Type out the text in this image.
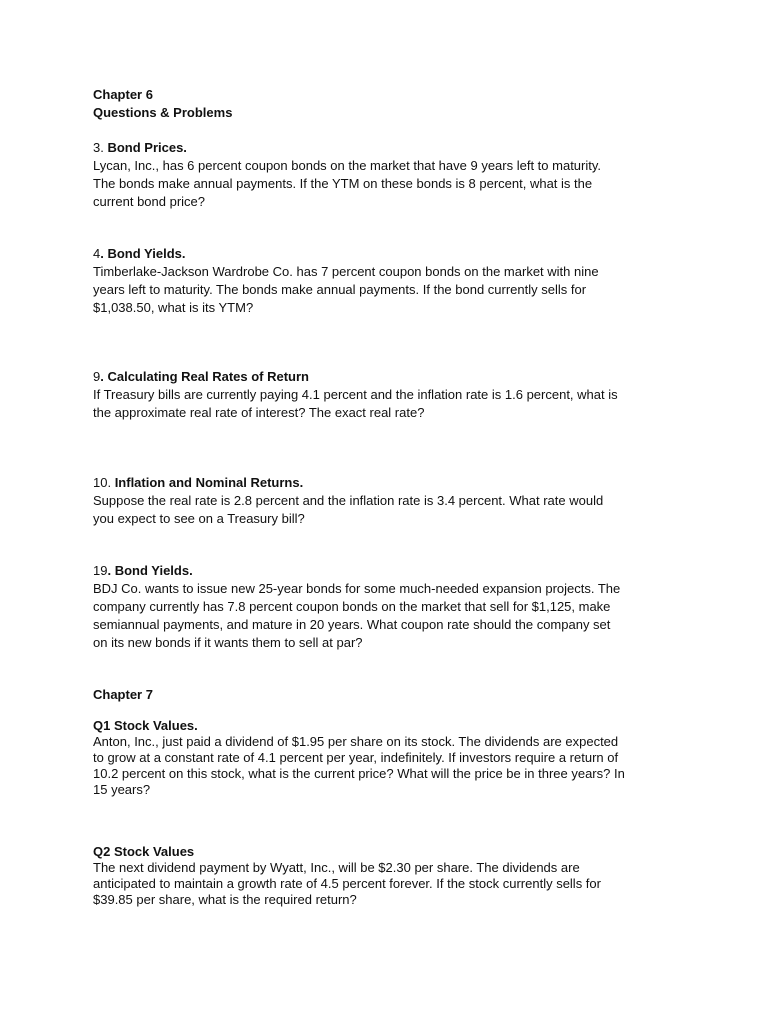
Chapter 6
Questions & Problems
3. Bond Prices.
Lycan, Inc., has 6 percent coupon bonds on the market that have 9 years left to maturity.
The bonds make annual payments. If the YTM on these bonds is 8 percent, what is the
current bond price?
4. Bond Yields.
Timberlake-Jackson Wardrobe Co. has 7 percent coupon bonds on the market with nine
years left to maturity. The bonds make annual payments. If the bond currently sells for
$1,038.50, what is its YTM?
9. Calculating Real Rates of Return
If Treasury bills are currently paying 4.1 percent and the inflation rate is 1.6 percent, what is
the approximate real rate of interest? The exact real rate?
10. Inflation and Nominal Returns.
Suppose the real rate is 2.8 percent and the inflation rate is 3.4 percent. What rate would
you expect to see on a Treasury bill?
19. Bond Yields.
BDJ Co. wants to issue new 25-year bonds for some much-needed expansion projects. The
company currently has 7.8 percent coupon bonds on the market that sell for $1,125, make
semiannual payments, and mature in 20 years. What coupon rate should the company set
on its new bonds if it wants them to sell at par?
Chapter 7
Q1 Stock Values.
Anton, Inc., just paid a dividend of $1.95 per share on its stock. The dividends are expected
to grow at a constant rate of 4.1 percent per year, indefinitely. If investors require a return of
10.2 percent on this stock, what is the current price? What will the price be in three years? In
15 years?
Q2 Stock Values
The next dividend payment by Wyatt, Inc., will be $2.30 per share. The dividends are
anticipated to maintain a growth rate of 4.5 percent forever. If the stock currently sells for
$39.85 per share, what is the required return?
